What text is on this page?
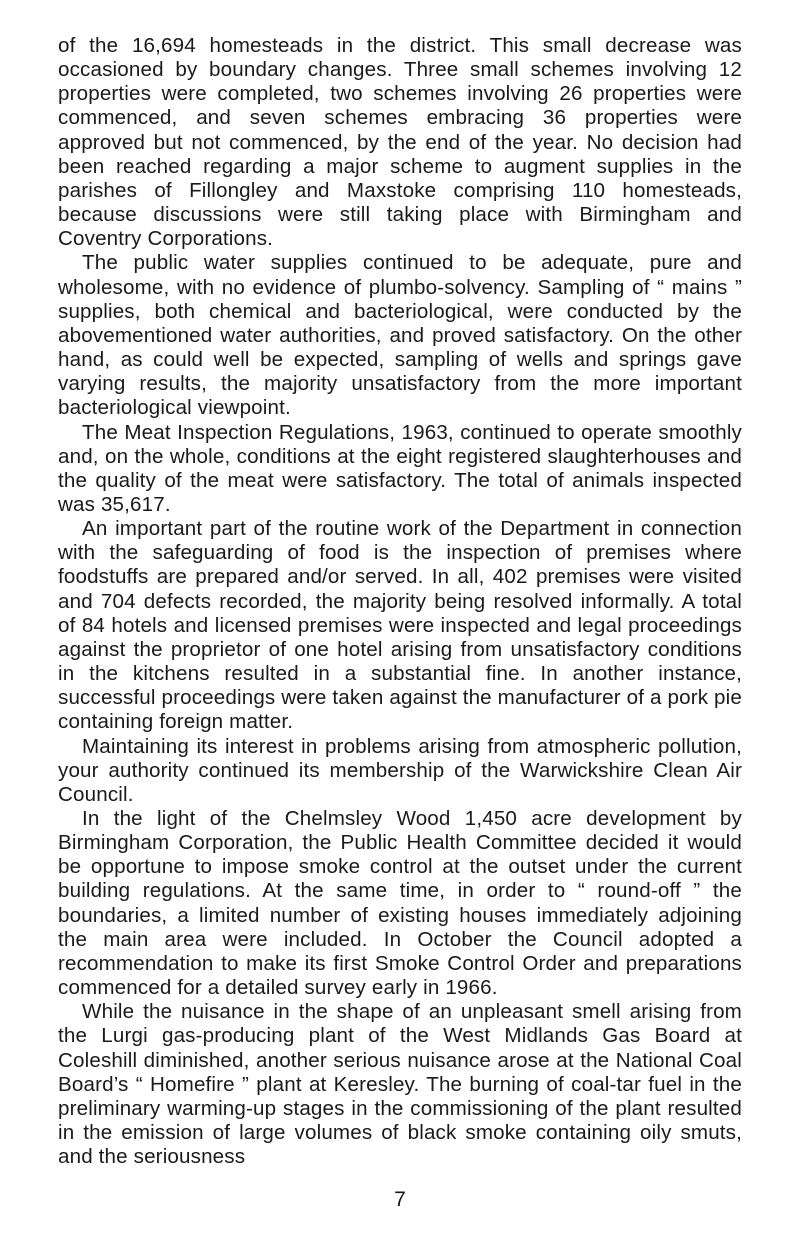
of the 16,694 homesteads in the district. This small decrease was occasioned by boundary changes. Three small schemes involving 12 properties were completed, two schemes involving 26 properties were commenced, and seven schemes embracing 36 properties were approved but not commenced, by the end of the year. No decision had been reached regarding a major scheme to augment supplies in the parishes of Fillongley and Maxstoke comprising 110 homesteads, because discussions were still taking place with Birmingham and Coventry Corporations.

The public water supplies continued to be adequate, pure and wholesome, with no evidence of plumbo-solvency. Sampling of “ mains ” supplies, both chemical and bacteriological, were conducted by the abovementioned water authorities, and proved satisfactory. On the other hand, as could well be expected, sampling of wells and springs gave varying results, the majority unsatisfactory from the more important bacteriological viewpoint.

The Meat Inspection Regulations, 1963, continued to operate smoothly and, on the whole, conditions at the eight registered slaughterhouses and the quality of the meat were satisfactory. The total of animals inspected was 35,617.

An important part of the routine work of the Department in connection with the safeguarding of food is the inspection of premises where foodstuffs are prepared and/or served. In all, 402 premises were visited and 704 defects recorded, the majority being resolved informally. A total of 84 hotels and licensed premises were inspected and legal proceedings against the proprietor of one hotel arising from unsatisfactory conditions in the kitchens resulted in a substantial fine. In another instance, successful proceedings were taken against the manufacturer of a pork pie containing foreign matter.

Maintaining its interest in problems arising from atmospheric pollution, your authority continued its membership of the Warwickshire Clean Air Council.

In the light of the Chelmsley Wood 1,450 acre development by Birmingham Corporation, the Public Health Committee decided it would be opportune to impose smoke control at the outset under the current building regulations. At the same time, in order to “ round-off ” the boundaries, a limited number of existing houses immediately adjoining the main area were included. In October the Council adopted a recommendation to make its first Smoke Control Order and preparations commenced for a detailed survey early in 1966.

While the nuisance in the shape of an unpleasant smell arising from the Lurgi gas-producing plant of the West Midlands Gas Board at Coleshill diminished, another serious nuisance arose at the National Coal Board’s “ Homefire ” plant at Keresley. The burning of coal-tar fuel in the preliminary warming-up stages in the commissioning of the plant resulted in the emission of large volumes of black smoke containing oily smuts, and the seriousness

7
